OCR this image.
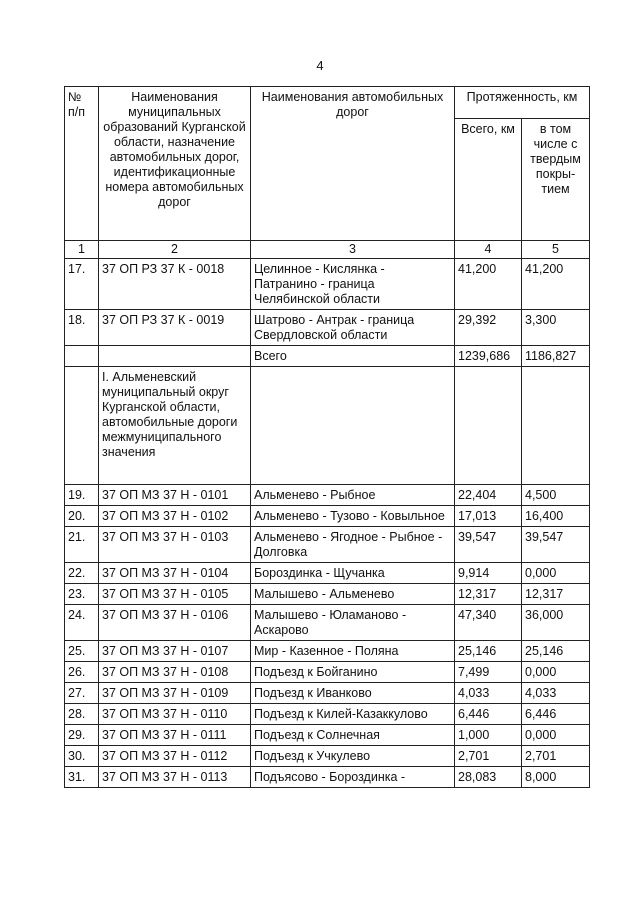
4
№
п/п	Наименования муниципальных образований Курганской области, назначение автомобильных дорог, идентификационные номера автомобильных дорог	Наименования автомобильных дорог	Протяженность, км	
			Всего, км	в том числе с твердым покры-тием
1	2	3	4	5
17.	37 ОП РЗ 37 К - 0018	Целинное - Кислянка - Патранино - граница Челябинской области	41,200	41,200
18.	37 ОП РЗ 37 К - 0019	Шатрово - Антрак - граница Свердловской области	29,392	3,300
		Всего	1239,686	1186,827
	I. Альменевский муниципальный округ Курганской области, автомобильные дороги межмуниципального значения			
19.	37 ОП МЗ 37 Н - 0101	Альменево - Рыбное	22,404	4,500
20.	37 ОП МЗ 37 Н - 0102	Альменево - Тузово - Ковыльное	17,013	16,400
21.	37 ОП МЗ 37 Н - 0103	Альменево - Ягодное - Рыбное - Долговка	39,547	39,547
22.	37 ОП МЗ 37 Н - 0104	Бороздинка - Щучанка	9,914	0,000
23.	37 ОП МЗ 37 Н - 0105	Малышево - Альменево	12,317	12,317
24.	37 ОП МЗ 37 Н - 0106	Малышево - Юламаново - Аскарово	47,340	36,000
25.	37 ОП МЗ 37 Н - 0107	Мир - Казенное - Поляна	25,146	25,146
26.	37 ОП МЗ 37 Н - 0108	Подъезд к Бойганино	7,499	0,000
27.	37 ОП МЗ 37 Н - 0109	Подъезд к Иванково	4,033	4,033
28.	37 ОП МЗ 37 Н - 0110	Подъезд к Килей-Казаккулово	6,446	6,446
29.	37 ОП МЗ 37 Н - 0111	Подъезд к Солнечная	1,000	0,000
30.	37 ОП МЗ 37 Н - 0112	Подъезд к Учкулево	2,701	2,701
31.	37 ОП МЗ 37 Н - 0113	Подъясово - Бороздинка -	28,083	8,000
